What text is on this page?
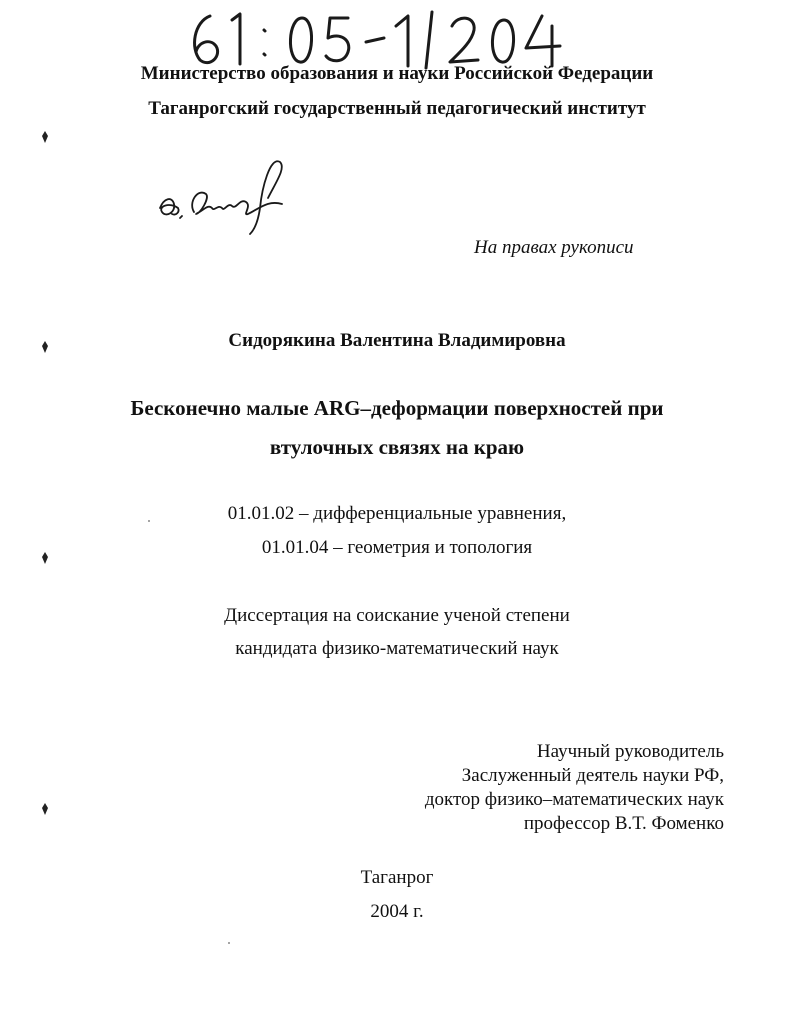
Министерство образования и науки Российской Федерации
Таганрогский государственный педагогический институт
На правах рукописи
Сидорякина Валентина Владимировна
Бесконечно малые ARG–деформации поверхностей при
втулочных связях на краю
01.01.02 – дифференциальные уравнения,
01.01.04 – геометрия и топология
Диссертация на соискание ученой степени
кандидата физико-математический наук
Научный руководитель
Заслуженный деятель науки РФ,
доктор физико–математических наук
профессор В.Т. Фоменко
Таганрог
2004 г.
